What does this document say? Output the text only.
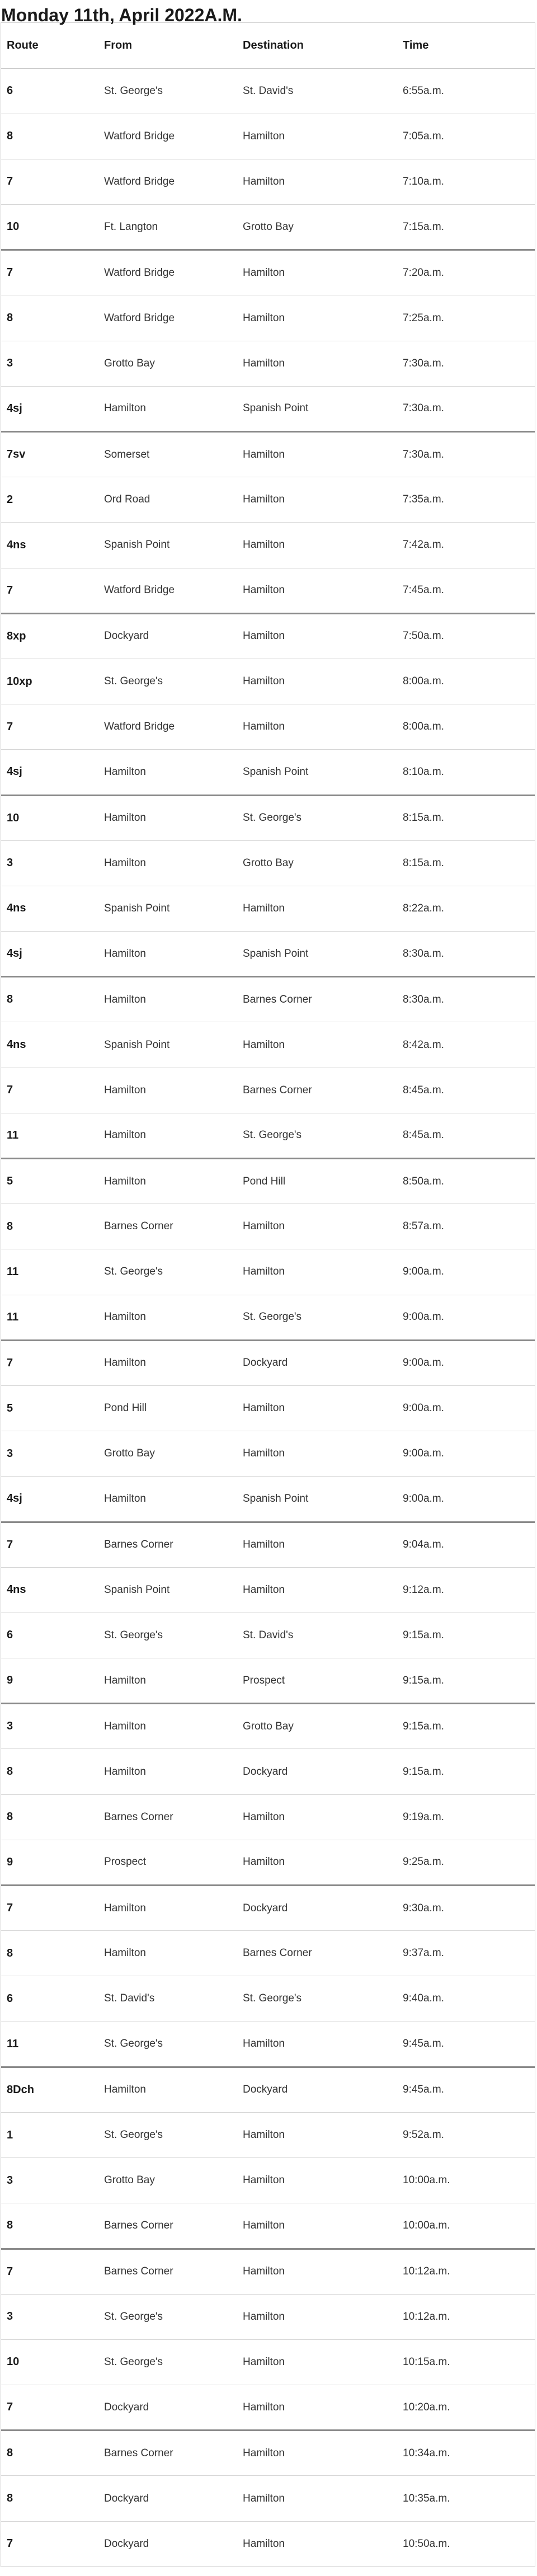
Monday 11th, April 2022A.M.
Route	From	Destination	Time
6	St. George's	St. David's	6:55a.m.
8	Watford Bridge	Hamilton	7:05a.m.
7	Watford Bridge	Hamilton	7:10a.m.
10	Ft. Langton	Grotto Bay	7:15a.m.
7	Watford Bridge	Hamilton	7:20a.m.
8	Watford Bridge	Hamilton	7:25a.m.
3	Grotto Bay	Hamilton	7:30a.m.
4sj	Hamilton	Spanish Point	7:30a.m.
7sv	Somerset	Hamilton	7:30a.m.
2	Ord Road	Hamilton	7:35a.m.
4ns	Spanish Point	Hamilton	7:42a.m.
7	Watford Bridge	Hamilton	7:45a.m.
8xp	Dockyard	Hamilton	7:50a.m.
10xp	St. George's	Hamilton	8:00a.m.
7	Watford Bridge	Hamilton	8:00a.m.
4sj	Hamilton	Spanish Point	8:10a.m.
10	Hamilton	St. George's	8:15a.m.
3	Hamilton	Grotto Bay	8:15a.m.
4ns	Spanish Point	Hamilton	8:22a.m.
4sj	Hamilton	Spanish Point	8:30a.m.
8	Hamilton	Barnes Corner	8:30a.m.
4ns	Spanish Point	Hamilton	8:42a.m.
7	Hamilton	Barnes Corner	8:45a.m.
11	Hamilton	St. George's	8:45a.m.
5	Hamilton	Pond Hill	8:50a.m.
8	Barnes Corner	Hamilton	8:57a.m.
11	St. George's	Hamilton	9:00a.m.
11	Hamilton	St. George's	9:00a.m.
7	Hamilton	Dockyard	9:00a.m.
5	Pond Hill	Hamilton	9:00a.m.
3	Grotto Bay	Hamilton	9:00a.m.
4sj	Hamilton	Spanish Point	9:00a.m.
7	Barnes Corner	Hamilton	9:04a.m.
4ns	Spanish Point	Hamilton	9:12a.m.
6	St. George's	St. David's	9:15a.m.
9	Hamilton	Prospect	9:15a.m.
3	Hamilton	Grotto Bay	9:15a.m.
8	Hamilton	Dockyard	9:15a.m.
8	Barnes Corner	Hamilton	9:19a.m.
9	Prospect	Hamilton	9:25a.m.
7	Hamilton	Dockyard	9:30a.m.
8	Hamilton	Barnes Corner	9:37a.m.
6	St. David's	St. George's	9:40a.m.
11	St. George's	Hamilton	9:45a.m.
8Dch	Hamilton	Dockyard	9:45a.m.
1	St. George's	Hamilton	9:52a.m.
3	Grotto Bay	Hamilton	10:00a.m.
8	Barnes Corner	Hamilton	10:00a.m.
7	Barnes Corner	Hamilton	10:12a.m.
3	St. George's	Hamilton	10:12a.m.
10	St. George's	Hamilton	10:15a.m.
7	Dockyard	Hamilton	10:20a.m.
8	Barnes Corner	Hamilton	10:34a.m.
8	Dockyard	Hamilton	10:35a.m.
7	Dockyard	Hamilton	10:50a.m.
